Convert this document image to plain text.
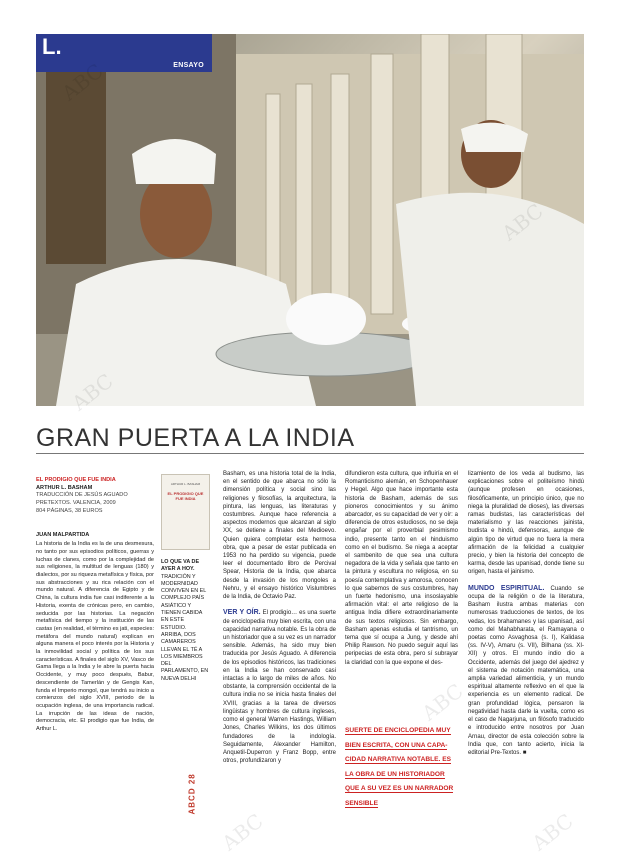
L.
ENSAYO
GRAN PUERTA A LA INDIA
EL PRODIGIO QUE FUE INDIA
ARTHUR L. BASHAM
TRADUCCIÓN DE JESÚS AGUADO
PRETEXTOS. VALENCIA, 2009
804 PÁGINAS, 38 EUROS
JUAN MALPARTIDA
La historia de la India es la de una desmesura, no tanto por sus episodios políticos, guerras y luchas de clanes, como por la complejidad de sus religiones, la multitud de lenguas (180) y dialectos, por su riqueza metafísica y física, por sus abstracciones y su rica relación con el mundo natural. A diferencia de Egipto y de China, la cultura india fue casi indiferente a la Historia, exenta de crónicas pero, en cambio, seducida por las historias. La negación metafísica del tiempo y la institución de las castas (en realidad, el término es jati, especies: metáfora del mundo natural) explican en alguna manera el poco interés por la Historia y la inmovilidad social y política de los sus características. A finales del siglo XV, Vasco de Gama llega a la India y le abre la puerta hacia Occidente, y muy poco después, Babur, descendiente de Tamerlán y de Gengis Kan, funda el Imperio mongol, que tendrá su inicio a comienzos del siglo XVIII, periodo de la ocupación inglesa, de una importancia radical. La irrupción de las ideas de nación, democracia, etc. El prodigio que fue India, de Arthur L.
ARTHUR L. BASHAM
EL PRODIGIO QUE FUE INDIA
LO QUE VA DE AYER A HOY.
TRADICIÓN Y MODERNIDAD CONVIVEN EN EL COMPLEJO PAÍS ASIÁTICO Y TIENEN CABIDA EN ESTE ESTUDIO. ARRIBA, DOS CAMAREROS LLEVAN EL TÉ A LOS MIEMBROS DEL PARLAMENTO, EN NUEVA DELHI
Basham, es una historia total de la India, en el sentido de que abarca no sólo la dimensión política y social sino las religiones y filosofías, la arquitectura, la pintura, las lenguas, las literaturas y costumbres. Aunque hace referencia a aspectos modernos que alcanzan al siglo XX, se detiene a finales del Medioevo. Quien quiera completar esta hermosa obra, que a pesar de estar publicada en 1953 no ha perdido su vigencia, puede leer el documentado libro de Percival Spear, Historia de la India, que abarca desde la invasión de los mongoles a Nehru, y el ensayo histórico Vislumbres de la India, de Octavio Paz.

VER Y OÍR. El prodigio… es una suerte de enciclopedia muy bien escrita, con una capacidad narrativa notable. Es la obra de un historiador que a su vez es un narrador sensible. Además, ha sido muy bien traducida por Jesús Aguado. A diferencia de los episodios históricos, las tradiciones en la India se han conservado casi intactas a lo largo de miles de años. No obstante, la comprensión occidental de la cultura india no se inicia hasta finales del XVIII, gracias a la tarea de diversos lingüistas y hombres de cultura ingleses, como el general Warren Hastings, William Jones, Charles Wilkins, los dos últimos fundadores de la indología. Seguidamente, Alexander Hamilton, Anquetil-Duperron y Franz Bopp, entre otros, profundizaron y
difundieron esta cultura, que influiría en el Romanticismo alemán, en Schopenhauer y Hegel. Algo que hace importante esta historia de Basham, además de sus pioneros conocimientos y su ánimo abarcador, es su capacidad de ver y oír: a diferencia de otros estudiosos, no se deja engañar por el proverbial pesimismo indio, presente tanto en el hinduismo como en el budismo. Se niega a aceptar el sambenito de que sea una cultura negadora de la vida y señala que tanto en la pintura y escultura no religiosa, en su poesía contemplativa y amorosa, conocen lo que sabemos de sus costumbres, hay un fuerte hedonismo, una insoslayable afirmación vital: el arte religioso de la antigua India difiere extraordinariamente de sus textos religiosos. Sin embargo, Basham apenas estudia el tantrismo, un tema que sí ocupa a Jung, y desde ahí Philip Rawson. No puedo seguir aquí las peripecias de esta obra, pero sí subrayar la claridad con la que expone el des-
SUERTE DE ENCICLOPEDIA MUY
BIEN ESCRITA, CON UNA CAPA-
CIDAD NARRATIVA NOTABLE. ES
LA OBRA DE UN HISTORIADOR
QUE A SU VEZ ES UN NARRADOR
SENSIBLE
lizamiento de los veda al budismo, las explicaciones sobre el politeísmo hindú (aunque profesen en ocasiones, filosóficamente, un principio único, que no niega la pluralidad de dioses), las diversas ramas budistas, las características del materialismo y las reacciones jainista, budista e hindú, defensoras, aunque de algún tipo de virtud que no fuera la mera afirmación de la felicidad a cualquier precio, y bien la historia del concepto de karma, desde las upanisad, donde tiene su origen, hasta el jainismo.

MUNDO ESPIRITUAL. Cuando se ocupa de la religión o de la literatura, Basham ilustra ambas materias con numerosas traducciones de textos, de los vedas, los brahamanes y las upanisad, así como del Mahabharata, el Ramayana o poetas como Asvaghosa (s. I), Kalidasa (ss. IV-V), Amaru (s. VII), Bilhana (ss. XI-XII) y otros. El mundo indio dio a Occidente, además del juego del ajedrez y el sistema de notación matemática, una amplia variedad alimenticia, y un mundo espiritual altamente reflexivo en el que la experiencia es un elemento radical. De gran profundidad lógica, pensaron la negatividad hasta darle la vuelta, como es el caso de Nagarjuna, un filósofo traducido e introducido entre nosotros por Juan Arnau, director de esta colección sobre la India que, con tanto acierto, inicia la editorial Pre-Textos. ■
ABCD 28
ABC
ABC
ABC
ABC
ABC	ABC
